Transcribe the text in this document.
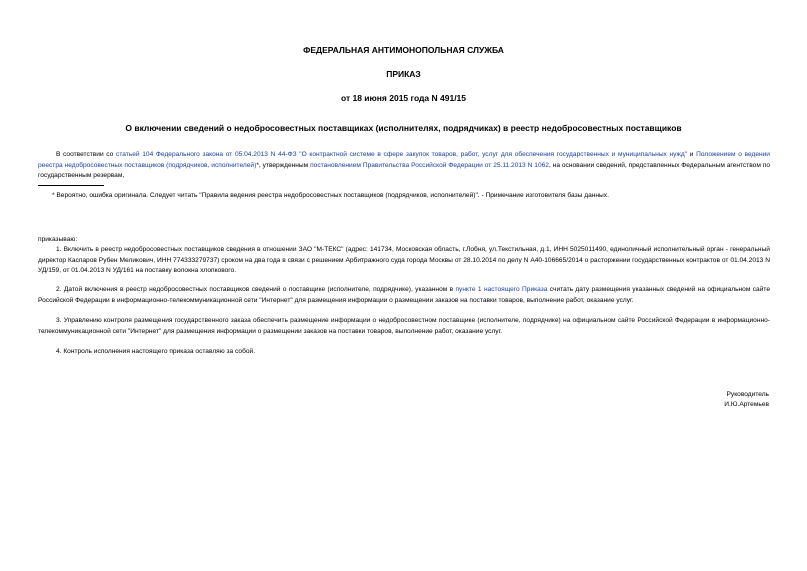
ФЕДЕРАЛЬНАЯ АНТИМОНОПОЛЬНАЯ СЛУЖБА
ПРИКАЗ
от 18 июня 2015 года N 491/15
О включении сведений о недобросовестных поставщиках (исполнителях, подрядчиках) в реестр недобросовестных поставщиков
В соответствии со статьей 104 Федерального закона от 05.04.2013 N 44-ФЗ "О контрактной системе в сфере закупок товаров, работ, услуг для обеспечения государственных и муниципальных нужд" и Положением о ведении реестра недобросовестных поставщиков (подрядчиков, исполнителей)*, утвержденным постановлением Правительства Российской Федерации от 25.11.2013 N 1062, на основании сведений, представленных Федеральным агентством по государственным резервам,
* Вероятно, ошибка оригинала. Следует читать "Правила ведения реестра недобросовестных поставщиков (подрядчиков, исполнителей)". - Примечание изготовителя базы данных.
приказываю:
1. Включить в реестр недобросовестных поставщиков сведения в отношении ЗАО "М-ТЕКС" (адрес: 141734, Московская область, г.Лобня, ул.Текстильная, д.1, ИНН 5025011490, единоличный исполнительный орган - генеральный директор Каспаров Рубен Меликович, ИНН 774333279737) сроком на два года в связи с решением Арбитражного суда города Москвы от 28.10.2014 по делу N А40-106665/2014 о расторжении государственных контрактов от 01.04.2013 N УД/159, от 01.04.2013 N УД/161 на поставку волокна хлопкового.
2. Датой включения в реестр недобросовестных поставщиков сведений о поставщике (исполнителе, подрядчике), указанном в пункте 1 настоящего Приказа считать дату размещения указанных сведений на официальном сайте Российской Федерации в информационно-телекоммуникационной сети "Интернет" для размещения информации о размещении заказов на поставки товаров, выполнение работ, оказание услуг.
3. Управлению контроля размещения государственного заказа обеспечить размещение информации о недобросовестном поставщике (исполнителе, подрядчике) на официальном сайте Российской Федерации в информационно-телекоммуникационной сети "Интернет" для размещения информации о размещении заказов на поставки товаров, выполнение работ, оказание услуг.
4. Контроль исполнения настоящего приказа оставляю за собой.
Руководитель
И.Ю.Артемьев
